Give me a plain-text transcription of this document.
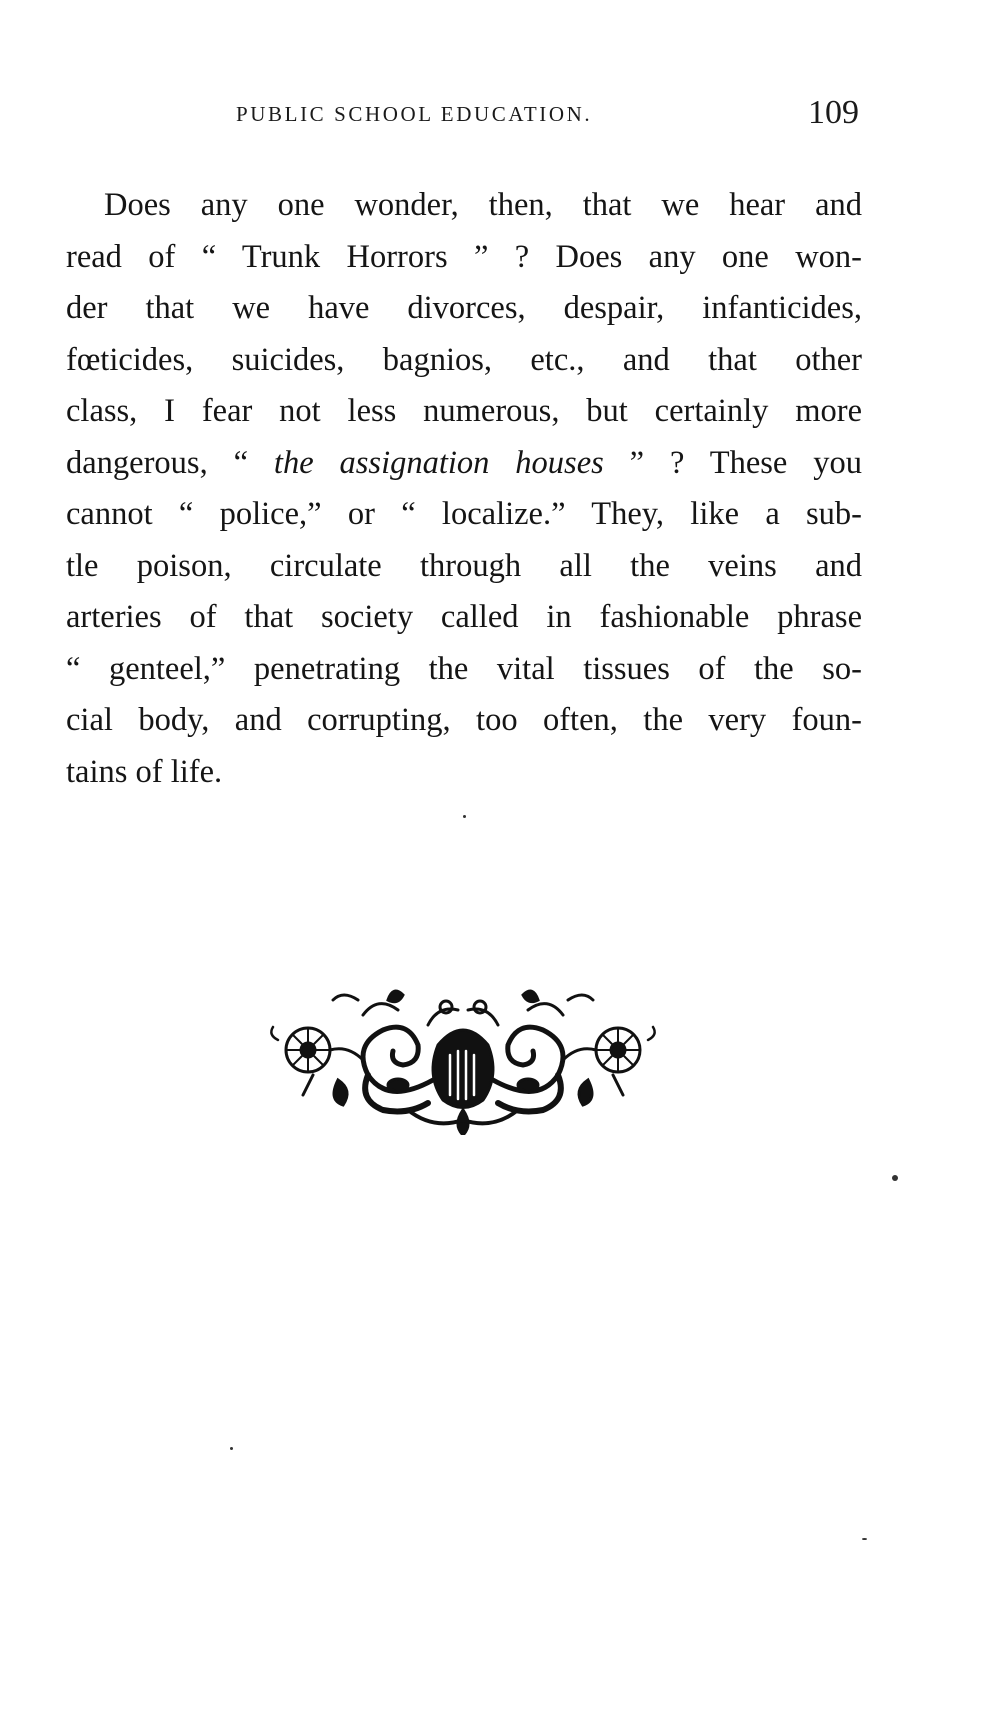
PUBLIC SCHOOL EDUCATION.	109
Does any one wonder, then, that we hear and
read of “ Trunk Horrors ” ? Does any one won-
der that we have divorces, despair, infanticides,
fœticides, suicides, bagnios, etc., and that other
class, I fear not less numerous, but certainly more
dangerous, “ the assignation houses ” ? These you
cannot “ police,” or “ localize.” They, like a sub-
tle poison, circulate through all the veins and
arteries of that society called in fashionable phrase
“ genteel,” penetrating the vital tissues of the so-
cial body, and corrupting, too often, the very foun-
tains of life.
